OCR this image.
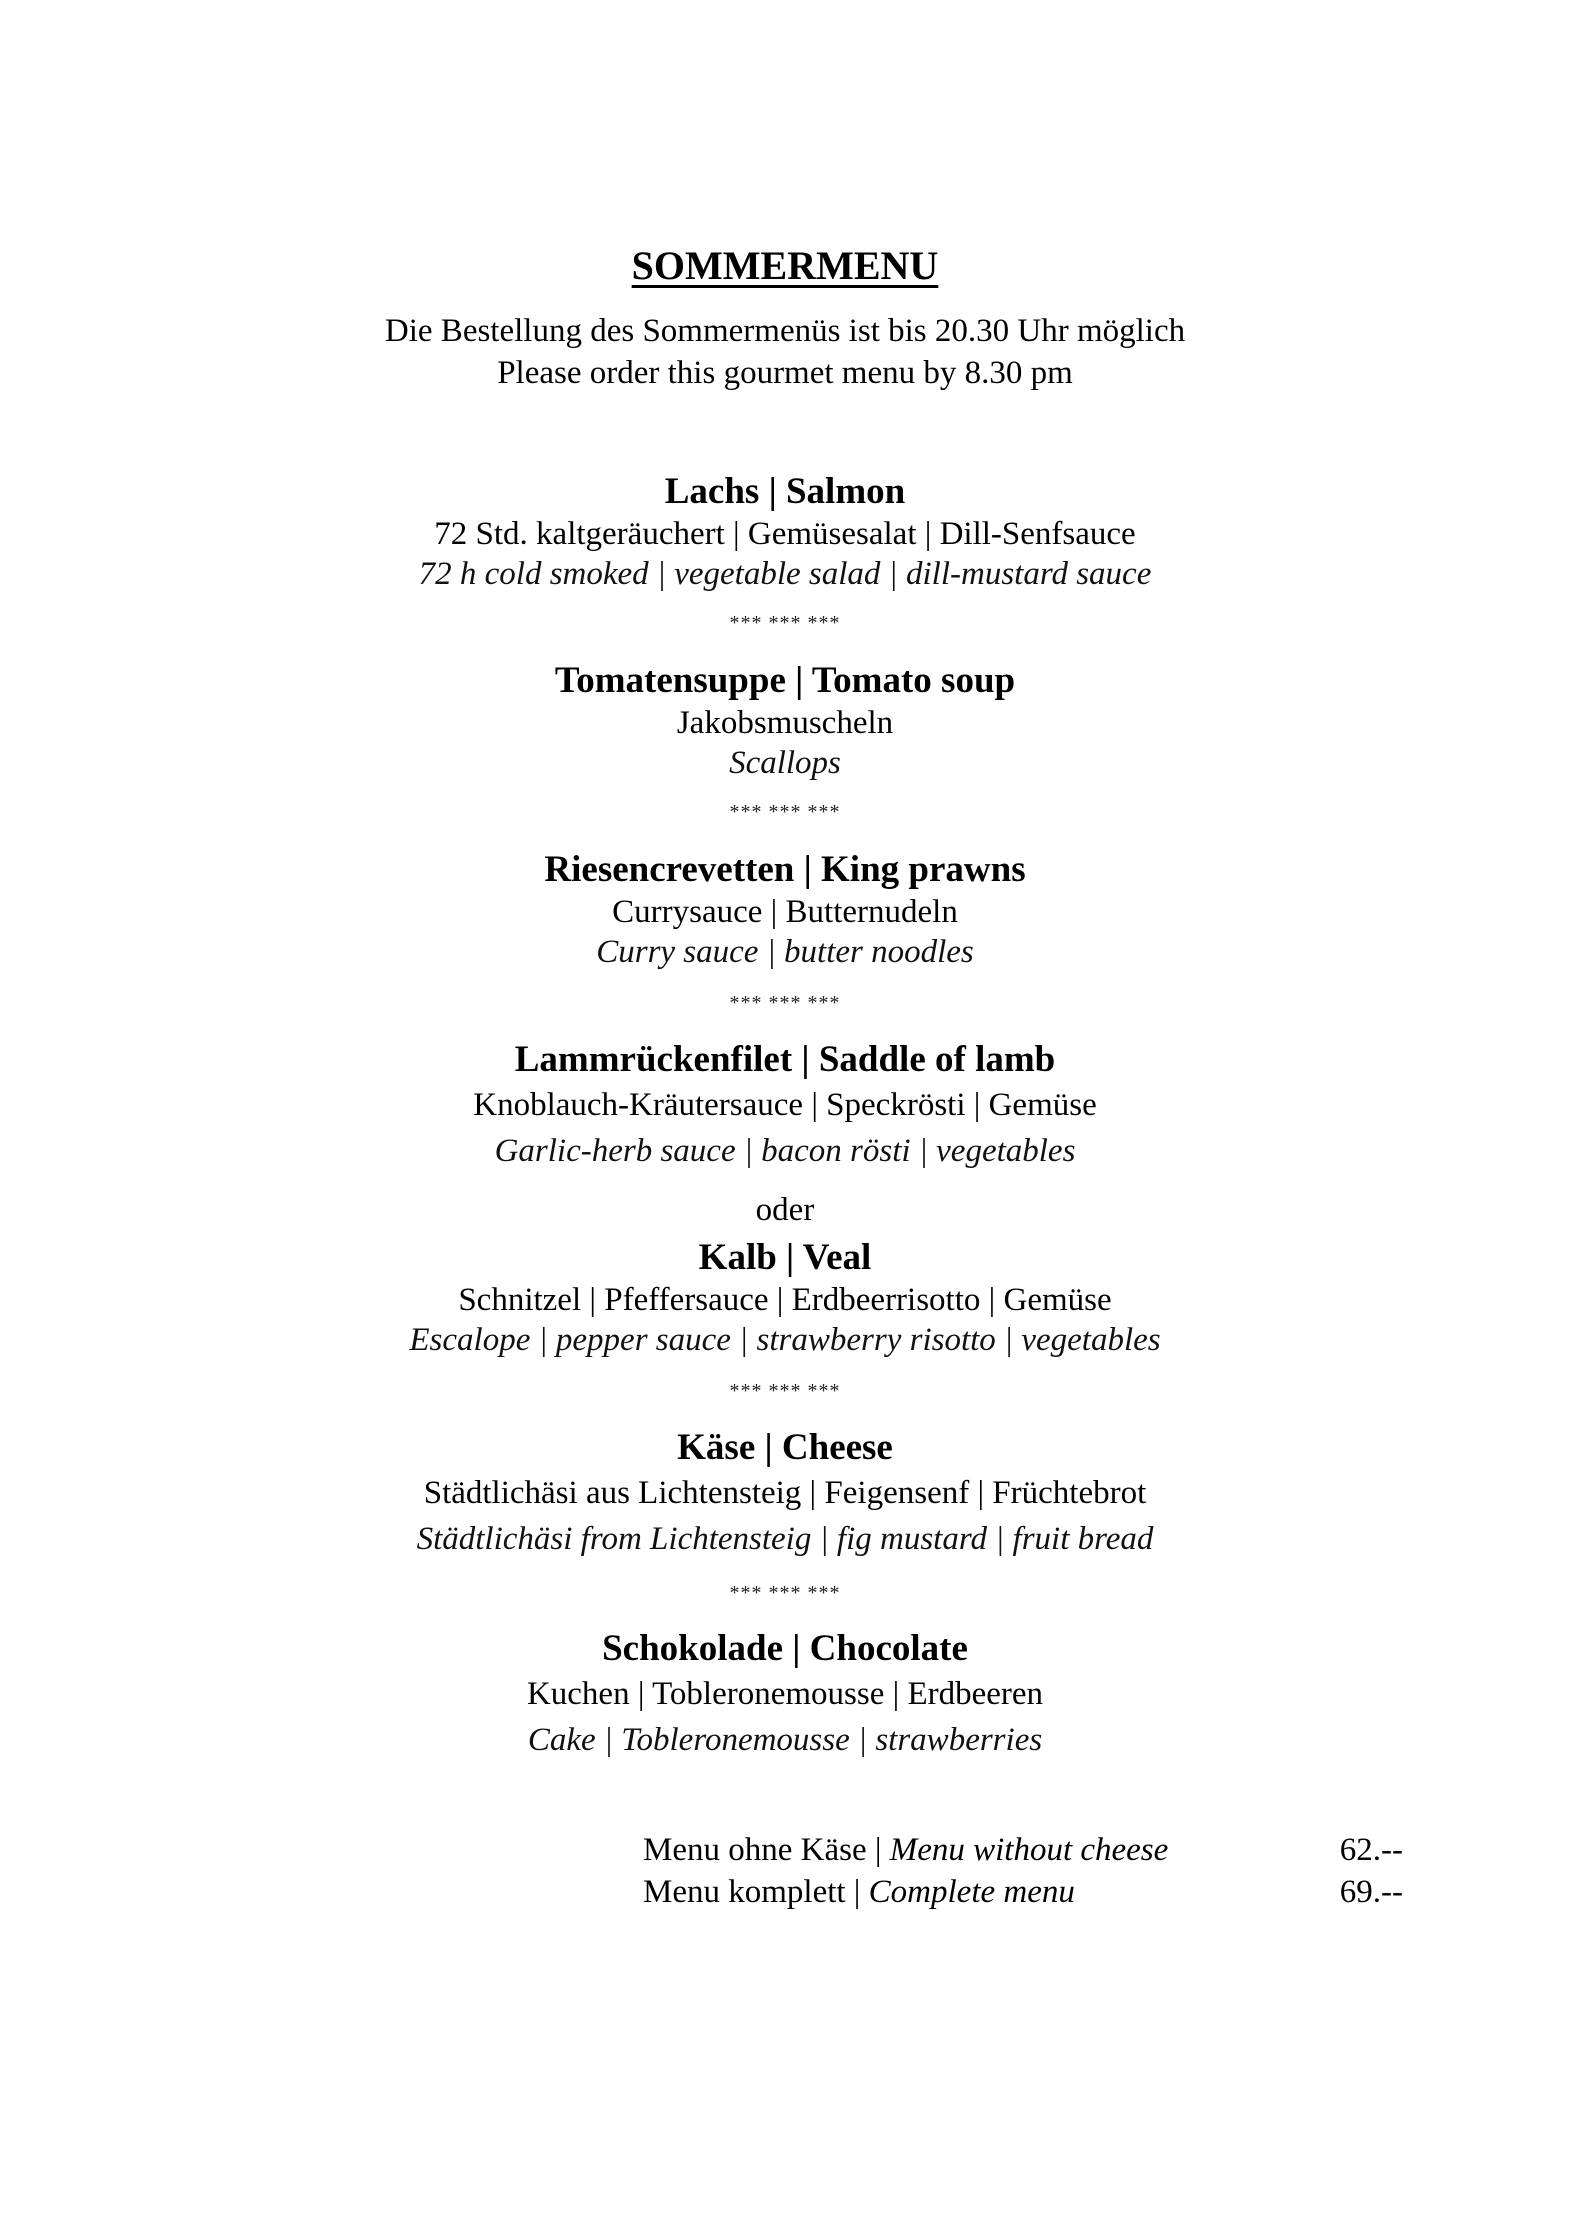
SOMMERMENU
Die Bestellung des Sommermenüs ist bis 20.30 Uhr möglich
Please order this gourmet menu by 8.30 pm
Lachs | Salmon
72 Std. kaltgeräuchert | Gemüsesalat | Dill-Senfsauce
72 h cold smoked | vegetable salad | dill-mustard sauce
*** *** ***
Tomatensuppe | Tomato soup
Jakobsmuscheln
Scallops
*** *** ***
Riesencrevetten | King prawns
Currysauce | Butternudeln
Curry sauce | butter noodles
*** *** ***
Lammrückenfilet | Saddle of lamb
Knoblauch-Kräutersauce | Speckrösti | Gemüse
Garlic-herb sauce | bacon rösti | vegetables
oder
Kalb | Veal
Schnitzel | Pfeffersauce | Erdbeerrisotto | Gemüse
Escalope | pepper sauce | strawberry risotto | vegetables
*** *** ***
Käse | Cheese
Städtlichäsi aus Lichtensteig | Feigensenf | Früchtebrot
Städtlichäsi from Lichtensteig | fig mustard | fruit bread
*** *** ***
Schokolade | Chocolate
Kuchen | Tobleronemousse | Erdbeeren
Cake | Tobleronemousse | strawberries
Menu ohne Käse | Menu without cheese	62.--
Menu komplett | Complete menu	69.--
